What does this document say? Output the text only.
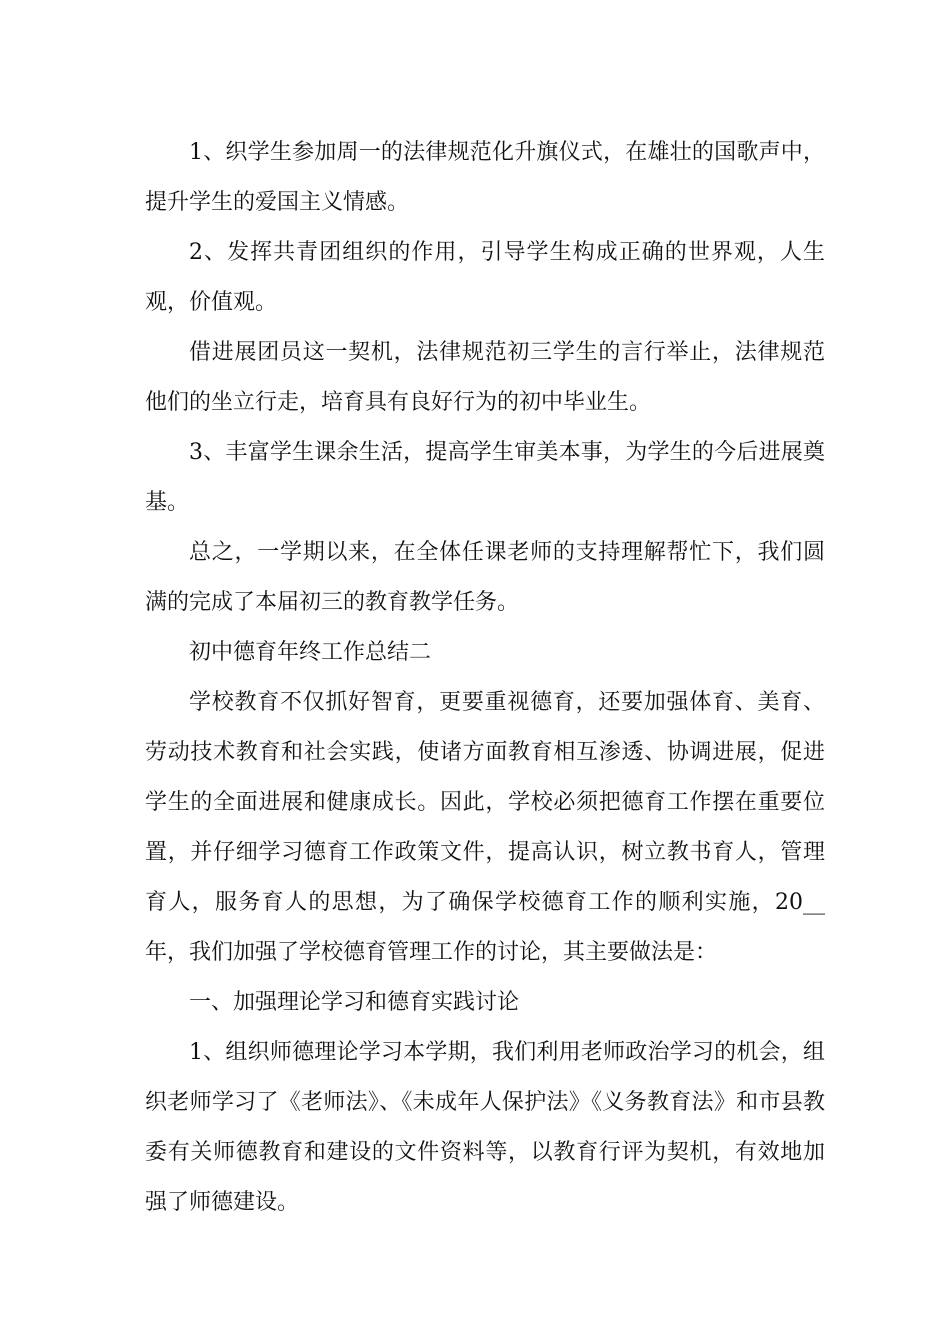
1、织学生参加周一的法律规范化升旗仪式，在雄壮的国歌声中，提升学生的爱国主义情感。

2、发挥共青团组织的作用，引导学生构成正确的世界观，人生观，价值观。

借进展团员这一契机，法律规范初三学生的言行举止，法律规范他们的坐立行走，培育具有良好行为的初中毕业生。

3、丰富学生课余生活，提高学生审美本事，为学生的今后进展奠基。

总之，一学期以来，在全体任课老师的支持理解帮忙下，我们圆满的完成了本届初三的教育教学任务。

初中德育年终工作总结二

学校教育不仅抓好智育，更要重视德育，还要加强体育、美育、劳动技术教育和社会实践，使诸方面教育相互渗透、协调进展，促进学生的全面进展和健康成长。因此，学校必须把德育工作摆在重要位置，并仔细学习德育工作政策文件，提高认识，树立教书育人，管理育人，服务育人的思想，为了确保学校德育工作的顺利实施，20__年，我们加强了学校德育管理工作的讨论，其主要做法是：

一、加强理论学习和德育实践讨论

1、组织师德理论学习本学期，我们利用老师政治学习的机会，组织老师学习了《老师法》、《未成年人保护法》《义务教育法》和市县教委有关师德教育和建设的文件资料等，以教育行评为契机，有效地加强了师德建设。
